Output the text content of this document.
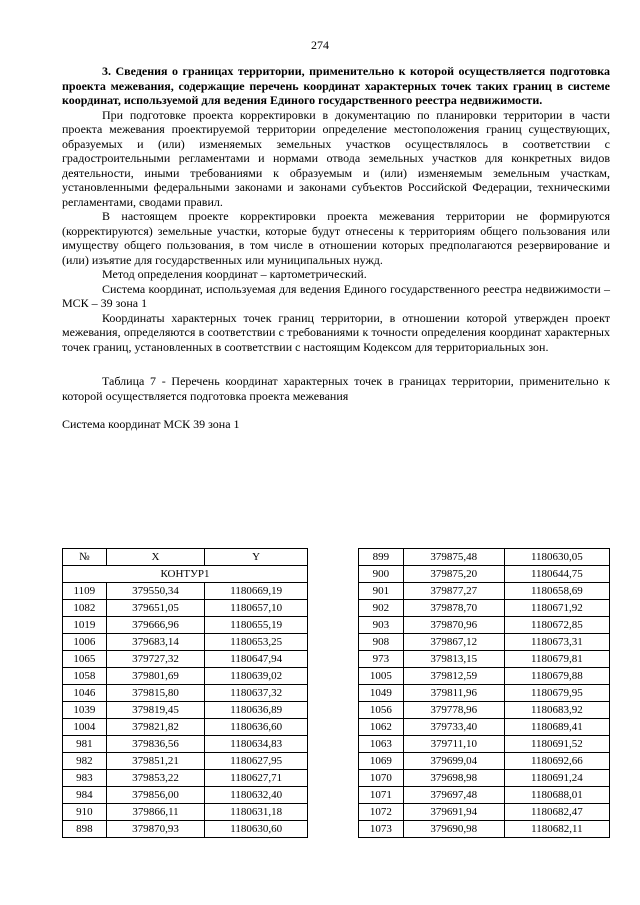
274

3. Сведения о границах территории, применительно к которой осуществляется подготовка проекта межевания, содержащие перечень координат характерных точек таких границ в системе координат, используемой для ведения Единого государственного реестра недвижимости.

При подготовке проекта корректировки в документацию по планировки территории в части проекта межевания проектируемой территории определение местоположения границ существующих, образуемых и (или) изменяемых земельных участков осуществлялось в соответствии с градостроительными регламентами и нормами отвода земельных участков для конкретных видов деятельности, иными требованиями к образуемым и (или) изменяемым земельным участкам, установленными федеральными законами и законами субъектов Российской Федерации, техническими регламентами, сводами правил.

В настоящем проекте корректировки проекта межевания территории не формируются (корректируются) земельные участки, которые будут отнесены к территориям общего пользования или имуществу общего пользования, в том числе в отношении которых предполагаются резервирование и (или) изъятие для государственных или муниципальных нужд.

Метод определения координат – картометрический.

Система координат, используемая для ведения Единого государственного реестра недвижимости – МСК – 39 зона 1

Координаты характерных точек границ территории, в отношении которой утвержден проект межевания, определяются в соответствии с требованиями к точности определения координат характерных точек границ, установленных в соответствии с настоящим Кодексом для территориальных зон.

Таблица 7 - Перечень координат характерных точек в границах территории, применительно к которой осуществляется подготовка проекта межевания

Система координат МСК 39 зона 1

№	X	Y
КОНТУР1		
1109	379550,34	1180669,19
1082	379651,05	1180657,10
1019	379666,96	1180655,19
1006	379683,14	1180653,25
1065	379727,32	1180647,94
1058	379801,69	1180639,02
1046	379815,80	1180637,32
1039	379819,45	1180636,89
1004	379821,82	1180636,60
981	379836,56	1180634,83
982	379851,21	1180627,95
983	379853,22	1180627,71
984	379856,00	1180632,40
910	379866,11	1180631,18
898	379870,93	1180630,60
899	379875,48	1180630,05
900	379875,20	1180644,75
901	379877,27	1180658,69
902	379878,70	1180671,92
903	379870,96	1180672,85
908	379867,12	1180673,31
973	379813,15	1180679,81
1005	379812,59	1180679,88
1049	379811,96	1180679,95
1056	379778,96	1180683,92
1062	379733,40	1180689,41
1063	379711,10	1180691,52
1069	379699,04	1180692,66
1070	379698,98	1180691,24
1071	379697,48	1180688,01
1072	379691,94	1180682,47
1073	379690,98	1180682,11
